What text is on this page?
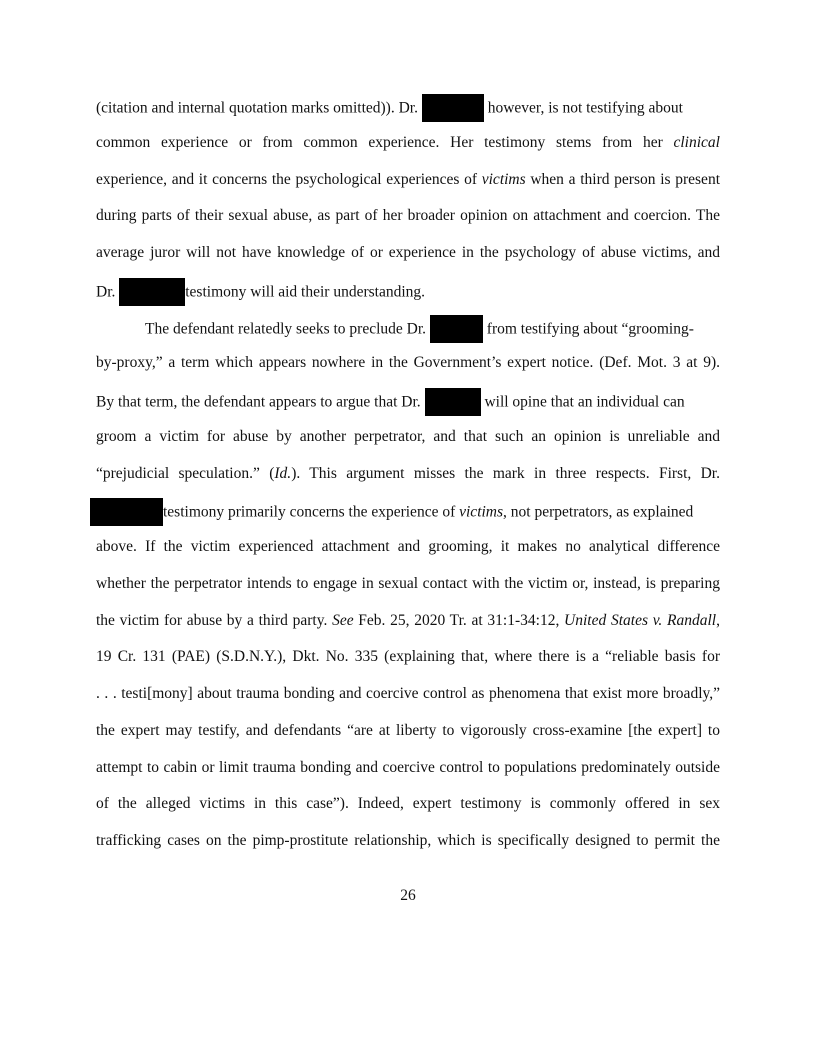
(citation and internal quotation marks omitted)). Dr.	however, is not testifying about
common experience or from common experience. Her testimony stems from her clinical
experience, and it concerns the psychological experiences of victims when a third person is present
during parts of their sexual abuse, as part of her broader opinion on attachment and coercion. The
average juror will not have knowledge of or experience in the psychology of abuse victims, and
Dr.	testimony will aid their understanding.
The defendant relatedly seeks to preclude Dr.	from testifying about “grooming-
by-proxy,” a term which appears nowhere in the Government’s expert notice. (Def. Mot. 3 at 9).
By that term, the defendant appears to argue that Dr.	will opine that an individual can
groom a victim for abuse by another perpetrator, and that such an opinion is unreliable and
“prejudicial speculation.” (Id.). This argument misses the mark in three respects. First, Dr.
testimony primarily concerns the experience of victims, not perpetrators, as explained
above. If the victim experienced attachment and grooming, it makes no analytical difference
whether the perpetrator intends to engage in sexual contact with the victim or, instead, is preparing
the victim for abuse by a third party. See Feb. 25, 2020 Tr. at 31:1-34:12, United States v. Randall,
19 Cr. 131 (PAE) (S.D.N.Y.), Dkt. No. 335 (explaining that, where there is a “reliable basis for
. . . testi[mony] about trauma bonding and coercive control as phenomena that exist more broadly,”
the expert may testify, and defendants “are at liberty to vigorously cross-examine [the expert] to
attempt to cabin or limit trauma bonding and coercive control to populations predominately outside
of the alleged victims in this case”). Indeed, expert testimony is commonly offered in sex
trafficking cases on the pimp-prostitute relationship, which is specifically designed to permit the
26
